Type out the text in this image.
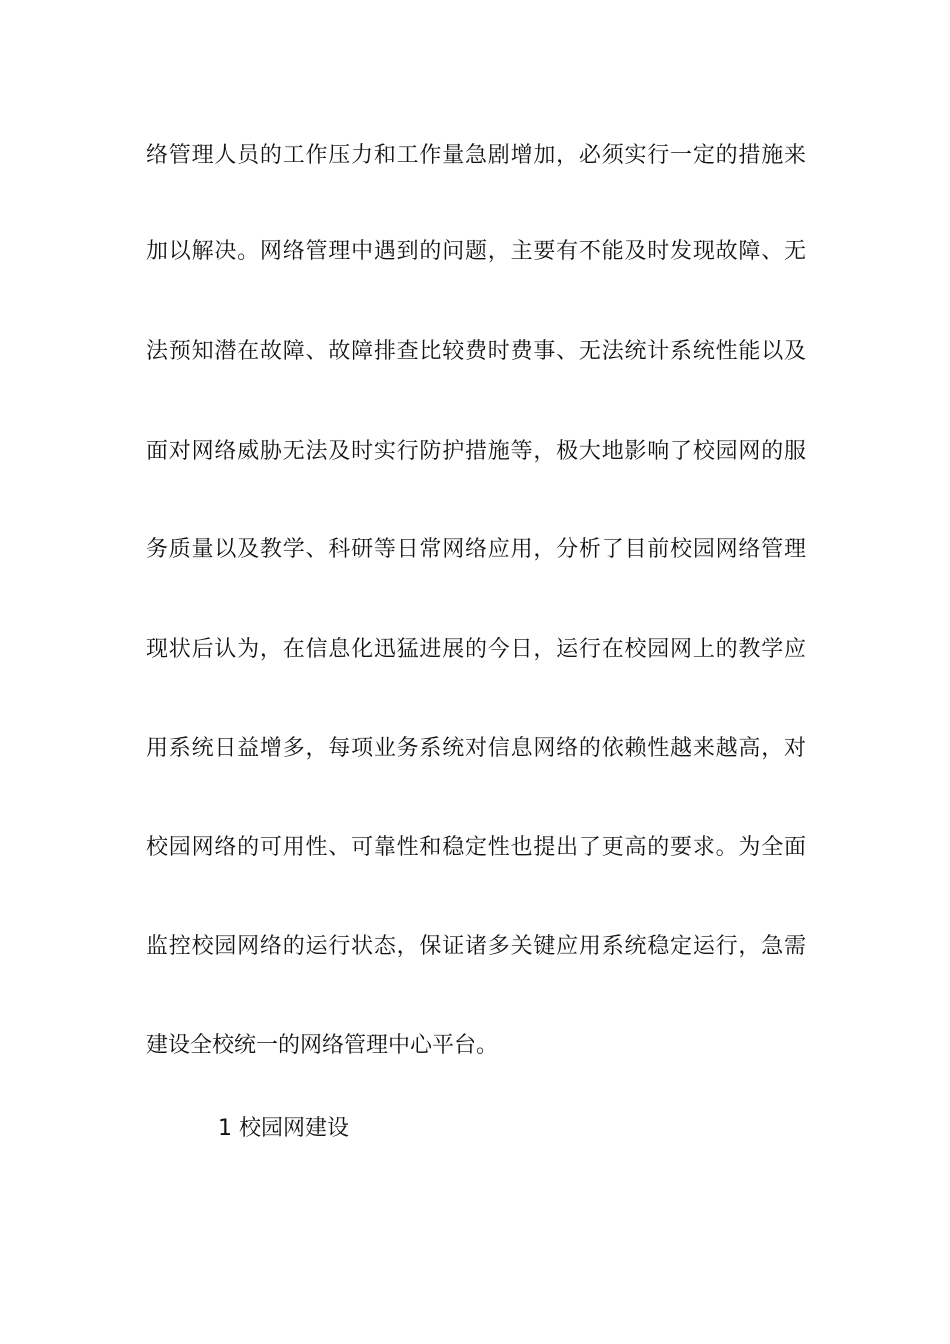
络管理人员的工作压力和工作量急剧增加，必须实行一定的措施来
加以解决。网络管理中遇到的问题，主要有不能及时发现故障、无
法预知潜在故障、故障排查比较费时费事、无法统计系统性能以及
面对网络威胁无法及时实行防护措施等，极大地影响了校园网的服
务质量以及教学、科研等日常网络应用，分析了目前校园网络管理
现状后认为，在信息化迅猛进展的今日，运行在校园网上的教学应
用系统日益增多，每项业务系统对信息网络的依赖性越来越高，对
校园网络的可用性、可靠性和稳定性也提出了更高的要求。为全面
监控校园网络的运行状态，保证诸多关键应用系统稳定运行，急需
建设全校统一的网络管理中心平台。
1 校园网建设
